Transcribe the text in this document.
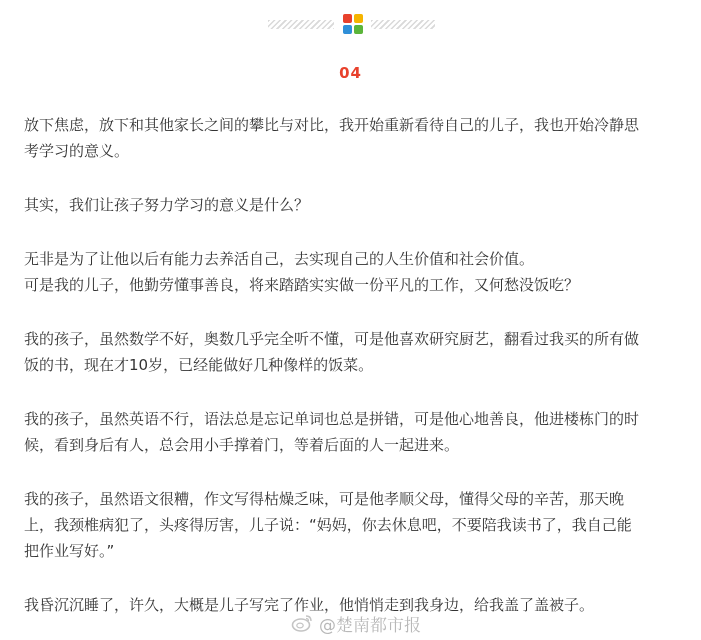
04

放下焦虑，放下和其他家长之间的攀比与对比，我开始重新看待自己的儿子，我也开始冷静思
考学习的意义。

其实，我们让孩子努力学习的意义是什么？

无非是为了让他以后有能力去养活自己，去实现自己的人生价值和社会价值。
可是我的儿子，他勤劳懂事善良，将来踏踏实实做一份平凡的工作，又何愁没饭吃？

我的孩子，虽然数学不好，奥数几乎完全听不懂，可是他喜欢研究厨艺，翻看过我买的所有做
饭的书，现在才10岁，已经能做好几种像样的饭菜。

我的孩子，虽然英语不行，语法总是忘记单词也总是拼错，可是他心地善良，他进楼栋门的时
候，看到身后有人，总会用小手撑着门，等着后面的人一起进来。

我的孩子，虽然语文很糟，作文写得枯燥乏味，可是他孝顺父母，懂得父母的辛苦，那天晚
上，我颈椎病犯了，头疼得厉害，儿子说：“妈妈，你去休息吧，不要陪我读书了，我自己能
把作业写好。”

我昏沉沉睡了，许久，大概是儿子写完了作业，他悄悄走到我身边，给我盖了盖被子。

@楚南都市报
